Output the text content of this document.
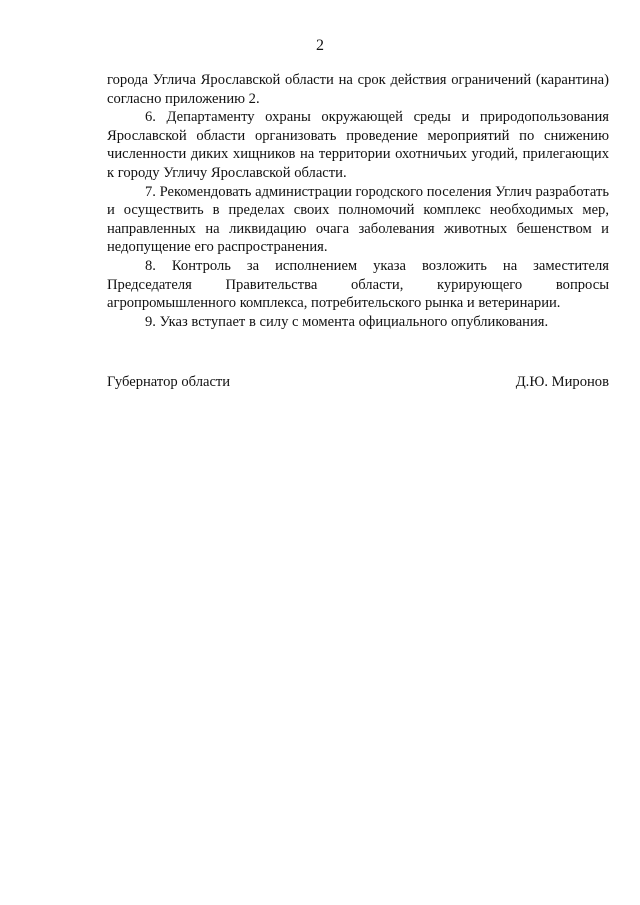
2

города Углича Ярославской области на срок действия ограничений (карантина) согласно приложению 2.

6. Департаменту охраны окружающей среды и природопользования Ярославской области организовать проведение мероприятий по снижению численности диких хищников на территории охотничьих угодий, прилегающих к городу Угличу Ярославской области.

7. Рекомендовать администрации городского поселения Углич разработать и осуществить в пределах своих полномочий комплекс необходимых мер, направленных на ликвидацию очага заболевания животных бешенством и недопущение его распространения.

8. Контроль за исполнением указа возложить на заместителя Председателя Правительства области, курирующего вопросы агропромышленного комплекса, потребительского рынка и ветеринарии.

9. Указ вступает в силу с момента официального опубликования.

Губернатор области	Д.Ю. Миронов
